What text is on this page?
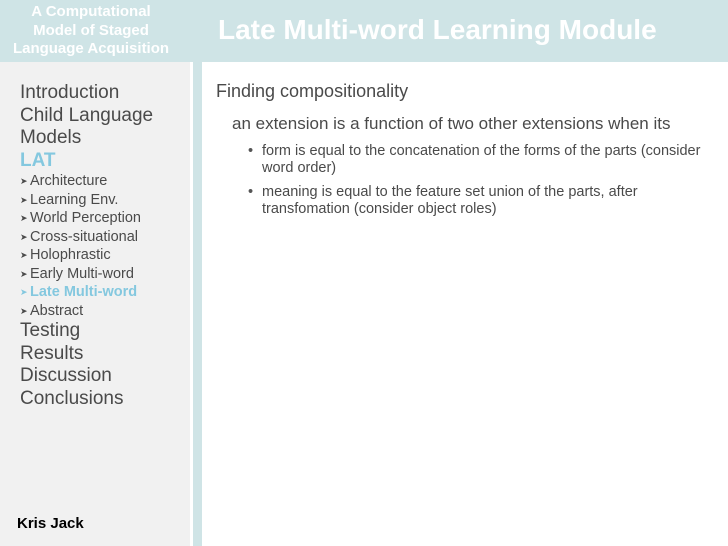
A Computational
Model of Staged
Language Acquisition
Late Multi-word Learning Module
Introduction
Child Language
Models
LAT
➤ Architecture
➤ Learning Env.
➤ World Perception
➤ Cross-situational
➤ Holophrastic
➤ Early Multi-word
➤ Late Multi-word
➤ Abstract
Testing
Results
Discussion
Conclusions
Kris Jack

Finding compositionality

an extension is a function of two other extensions when its

• form is equal to the concatenation of the forms of the parts (consider word order)
• meaning is equal to the feature set union of the parts, after transfomation (consider object roles)
